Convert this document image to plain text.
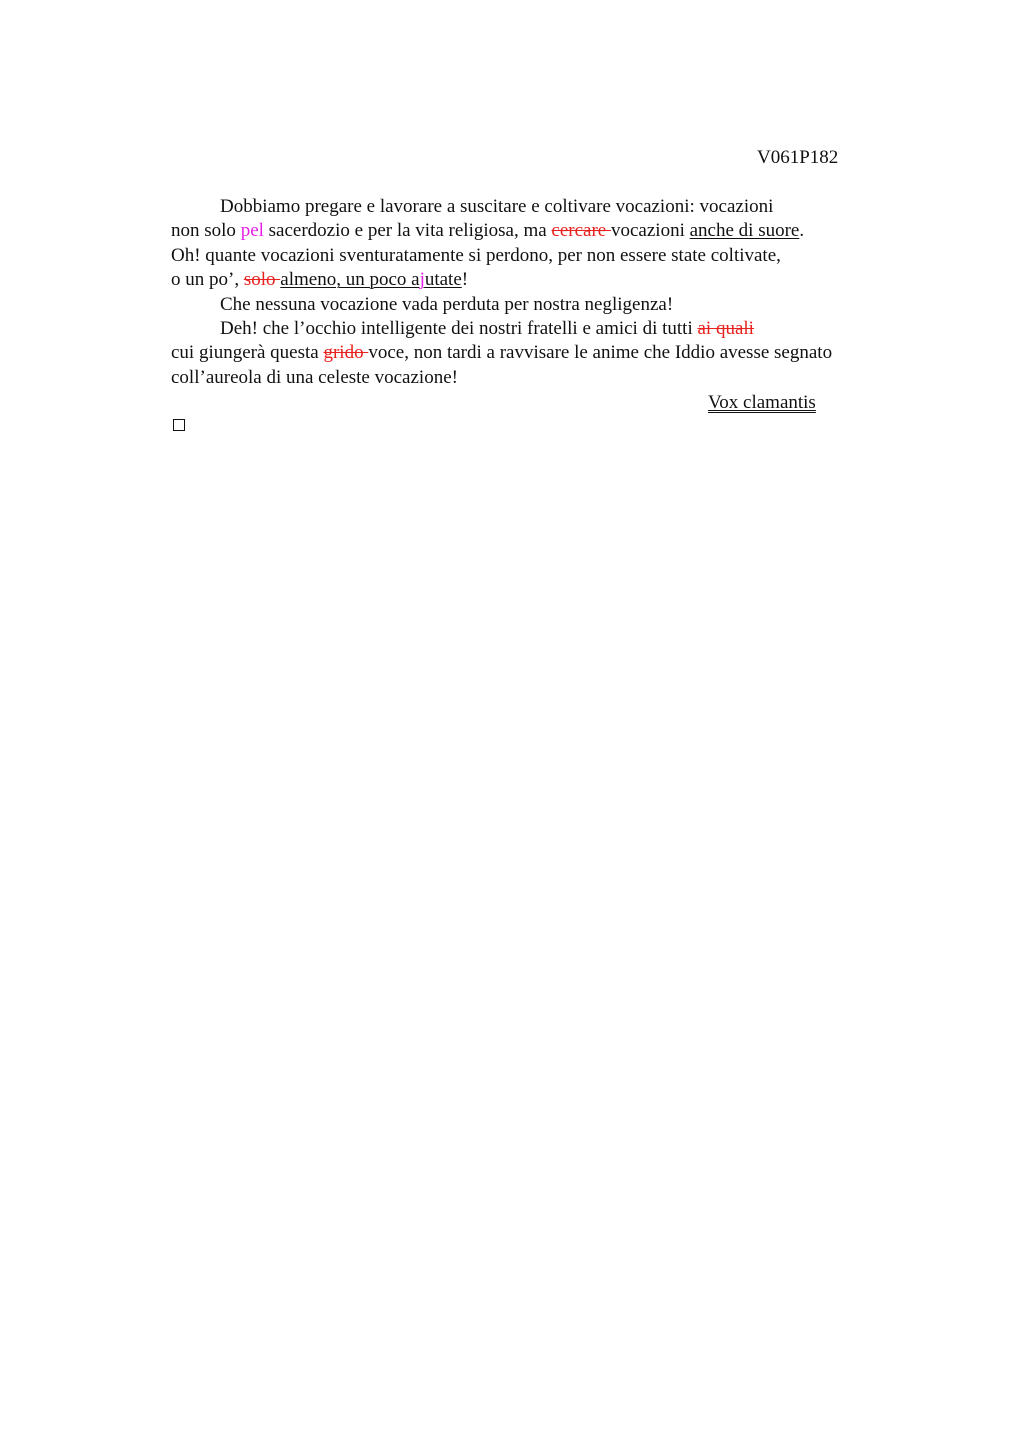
V061P182
Dobbiamo pregare e lavorare a suscitare e coltivare vocazioni: vocazioni
non solo pel sacerdozio e per la vita religiosa, ma cercare vocazioni anche di suore.
Oh! quante vocazioni sventuratamente si perdono, per non essere state coltivate,
o un po’, solo almeno, un poco ajutate!
Che nessuna vocazione vada perduta per nostra negligenza!
Deh! che l’occhio intelligente dei nostri fratelli e amici di tutti ai quali
cui giungerà questa grido voce, non tardi a ravvisare le anime che Iddio avesse segnato
coll’aureola di una celeste vocazione!
Vox clamantis
